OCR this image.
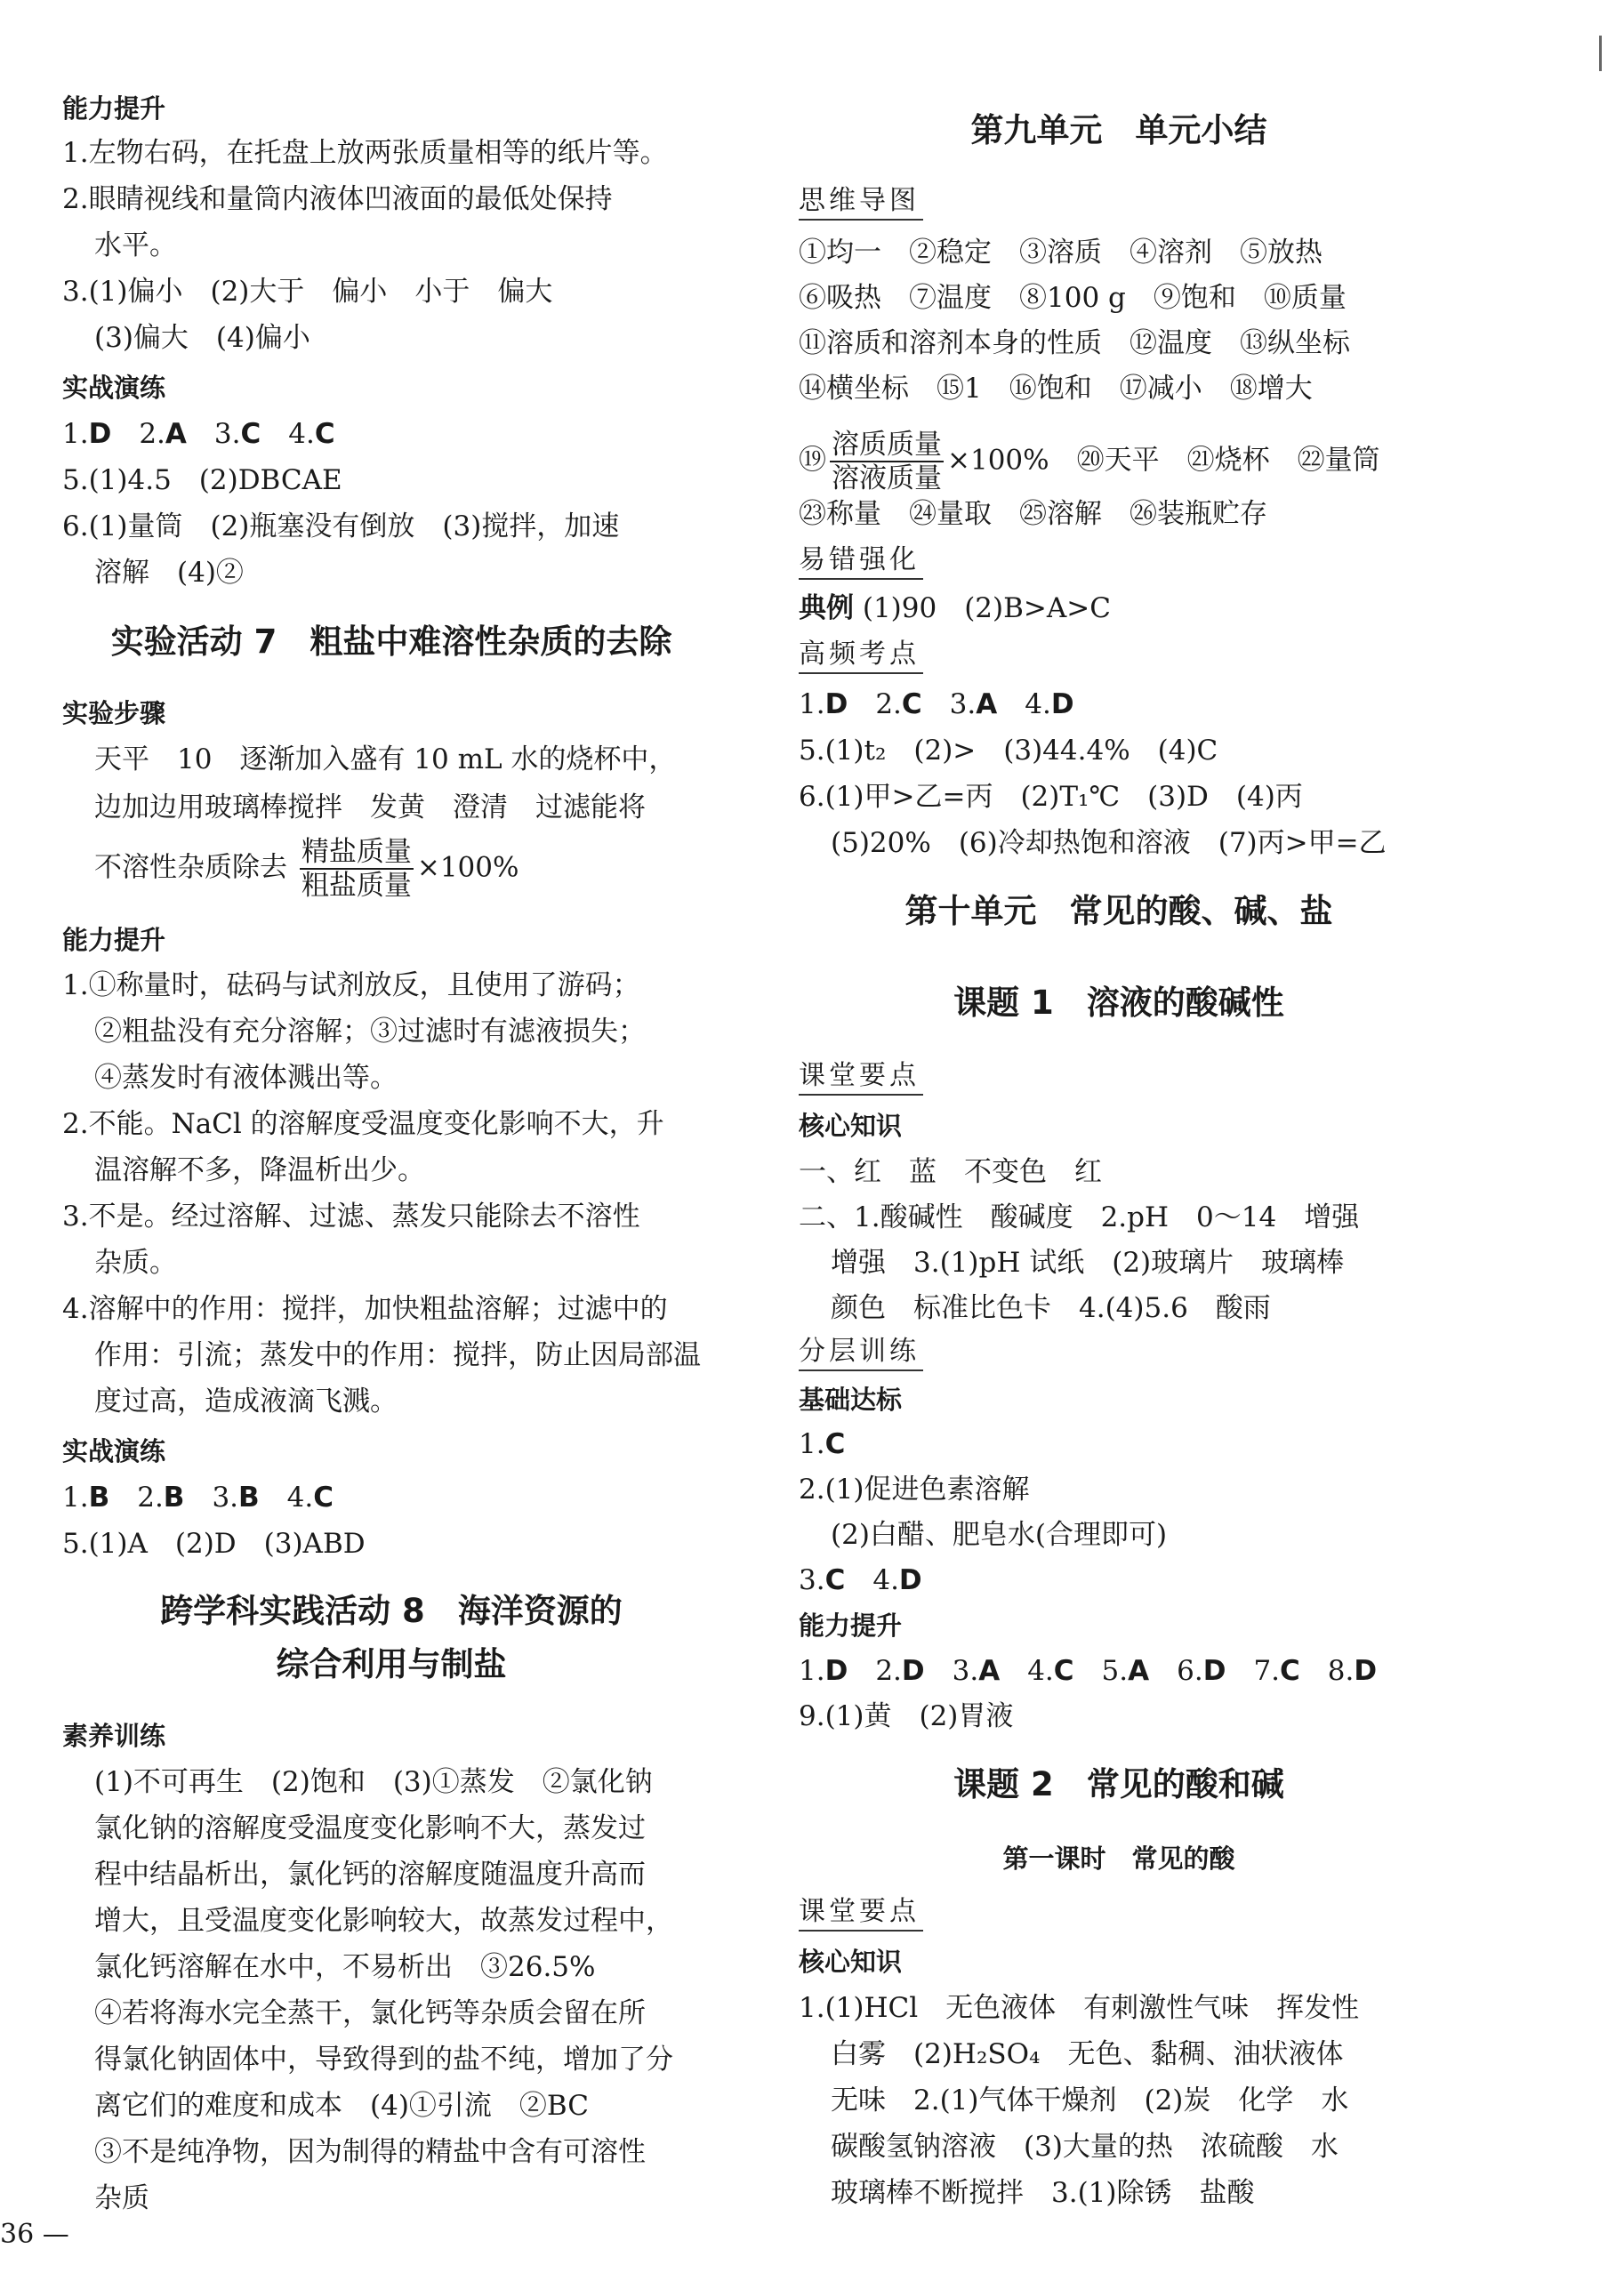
能力提升
1.左物右码，在托盘上放两张质量相等的纸片等。
2.眼睛视线和量筒内液体凹液面的最低处保持
水平。
3.(1)偏小　(2)大于　偏小　小于　偏大
(3)偏大　(4)偏小
实战演练
1.D　 2.A　 3.C　 4.C
5.(1)4.5　(2)DBCAE
6.(1)量筒　(2)瓶塞没有倒放　(3)搅拌，加速
溶解　(4)②
实验活动 7　粗盐中难溶性杂质的去除
实验步骤
天平　10　逐渐加入盛有 10 mL 水的烧杯中，
边加边用玻璃棒搅拌　发黄　澄清　过滤能将
不溶性杂质除去 $\frac{\text{精盐质量}}{\text{粗盐质量}} \times 100\%$
能力提升
1.①称量时，砝码与试剂放反，且使用了游码；
②粗盐没有充分溶解；③过滤时有滤液损失；
④蒸发时有液体溅出等。
2.不能。NaCl 的溶解度受温度变化影响不大，升
温溶解不多，降温析出少。
3.不是。经过溶解、过滤、蒸发只能除去不溶性
杂质。
4.溶解中的作用：搅拌，加快粗盐溶解；过滤中的
作用：引流；蒸发中的作用：搅拌，防止因局部温
度过高，造成液滴飞溅。
实战演练
1.B　 2.B　 3.B　 4.C
5.(1)A　(2)D　(3)ABD
跨学科实践活动 8　海洋资源的
综合利用与制盐
素养训练
(1)不可再生　(2)饱和　(3)①蒸发　②氯化钠
氯化钠的溶解度受温度变化影响不大，蒸发过
程中结晶析出，氯化钙的溶解度随温度升高而
增大，且受温度变化影响较大，故蒸发过程中，
氯化钙溶解在水中，不易析出　③26.5%
④若将海水完全蒸干，氯化钙等杂质会留在所
得氯化钠固体中，导致得到的盐不纯，增加了分
离它们的难度和成本　(4)①引流　②BC
③不是纯净物，因为制得的精盐中含有可溶性
杂质
第九单元　单元小结
思维导图
①均一　②稳定　③溶质　④溶剂　⑤放热
⑥吸热　⑦温度　⑧100 g　⑨饱和　⑩质量
⑪溶质和溶剂本身的性质　⑫温度　⑬纵坐标
⑭横坐标　⑮1　⑯饱和　⑰减小　⑱增大
⑲ $\frac{\text{溶质质量}}{\text{溶液质量}} \times 100\%$　⑳天平　㉑烧杯　㉒量筒
㉓称量　㉔量取　㉕溶解　㉖装瓶贮存
易错强化
典例 (1)90　(2)B>A>C
高频考点
1.D　 2.C　 3.A　 4.D
5.(1)t₂　(2)>　(3)44.4%　(4)C
6.(1)甲>乙=丙　(2)T₁℃　(3)D　(4)丙
(5)20%　(6)冷却热饱和溶液　(7)丙>甲=乙
第十单元　常见的酸、碱、盐
课题 1　溶液的酸碱性
课堂要点
核心知识
一、红　蓝　不变色　红
二、1.酸碱性　酸碱度　2.pH　0～14　增强
增强　3.(1)pH 试纸　(2)玻璃片　玻璃棒
颜色　标准比色卡　4.(4)5.6　酸雨
分层训练
基础达标
1.C
2.(1)促进色素溶解
(2)白醋、肥皂水(合理即可)
3.C　 4.D
能力提升
1.D　 2.D　 3.A　 4.C　 5.A　 6.D　 7.C　 8.D
9.(1)黄　(2)胃液
课题 2　常见的酸和碱
第一课时　常见的酸
课堂要点
核心知识
1.(1)HCl　无色液体　有刺激性气味　挥发性
白雾　(2)H₂SO₄　无色、黏稠、油状液体
无味　2.(1)气体干燥剂　(2)炭　化学　水
碳酸氢钠溶液　(3)大量的热　浓硫酸　水
玻璃棒不断搅拌　3.(1)除锈　盐酸
36 —
